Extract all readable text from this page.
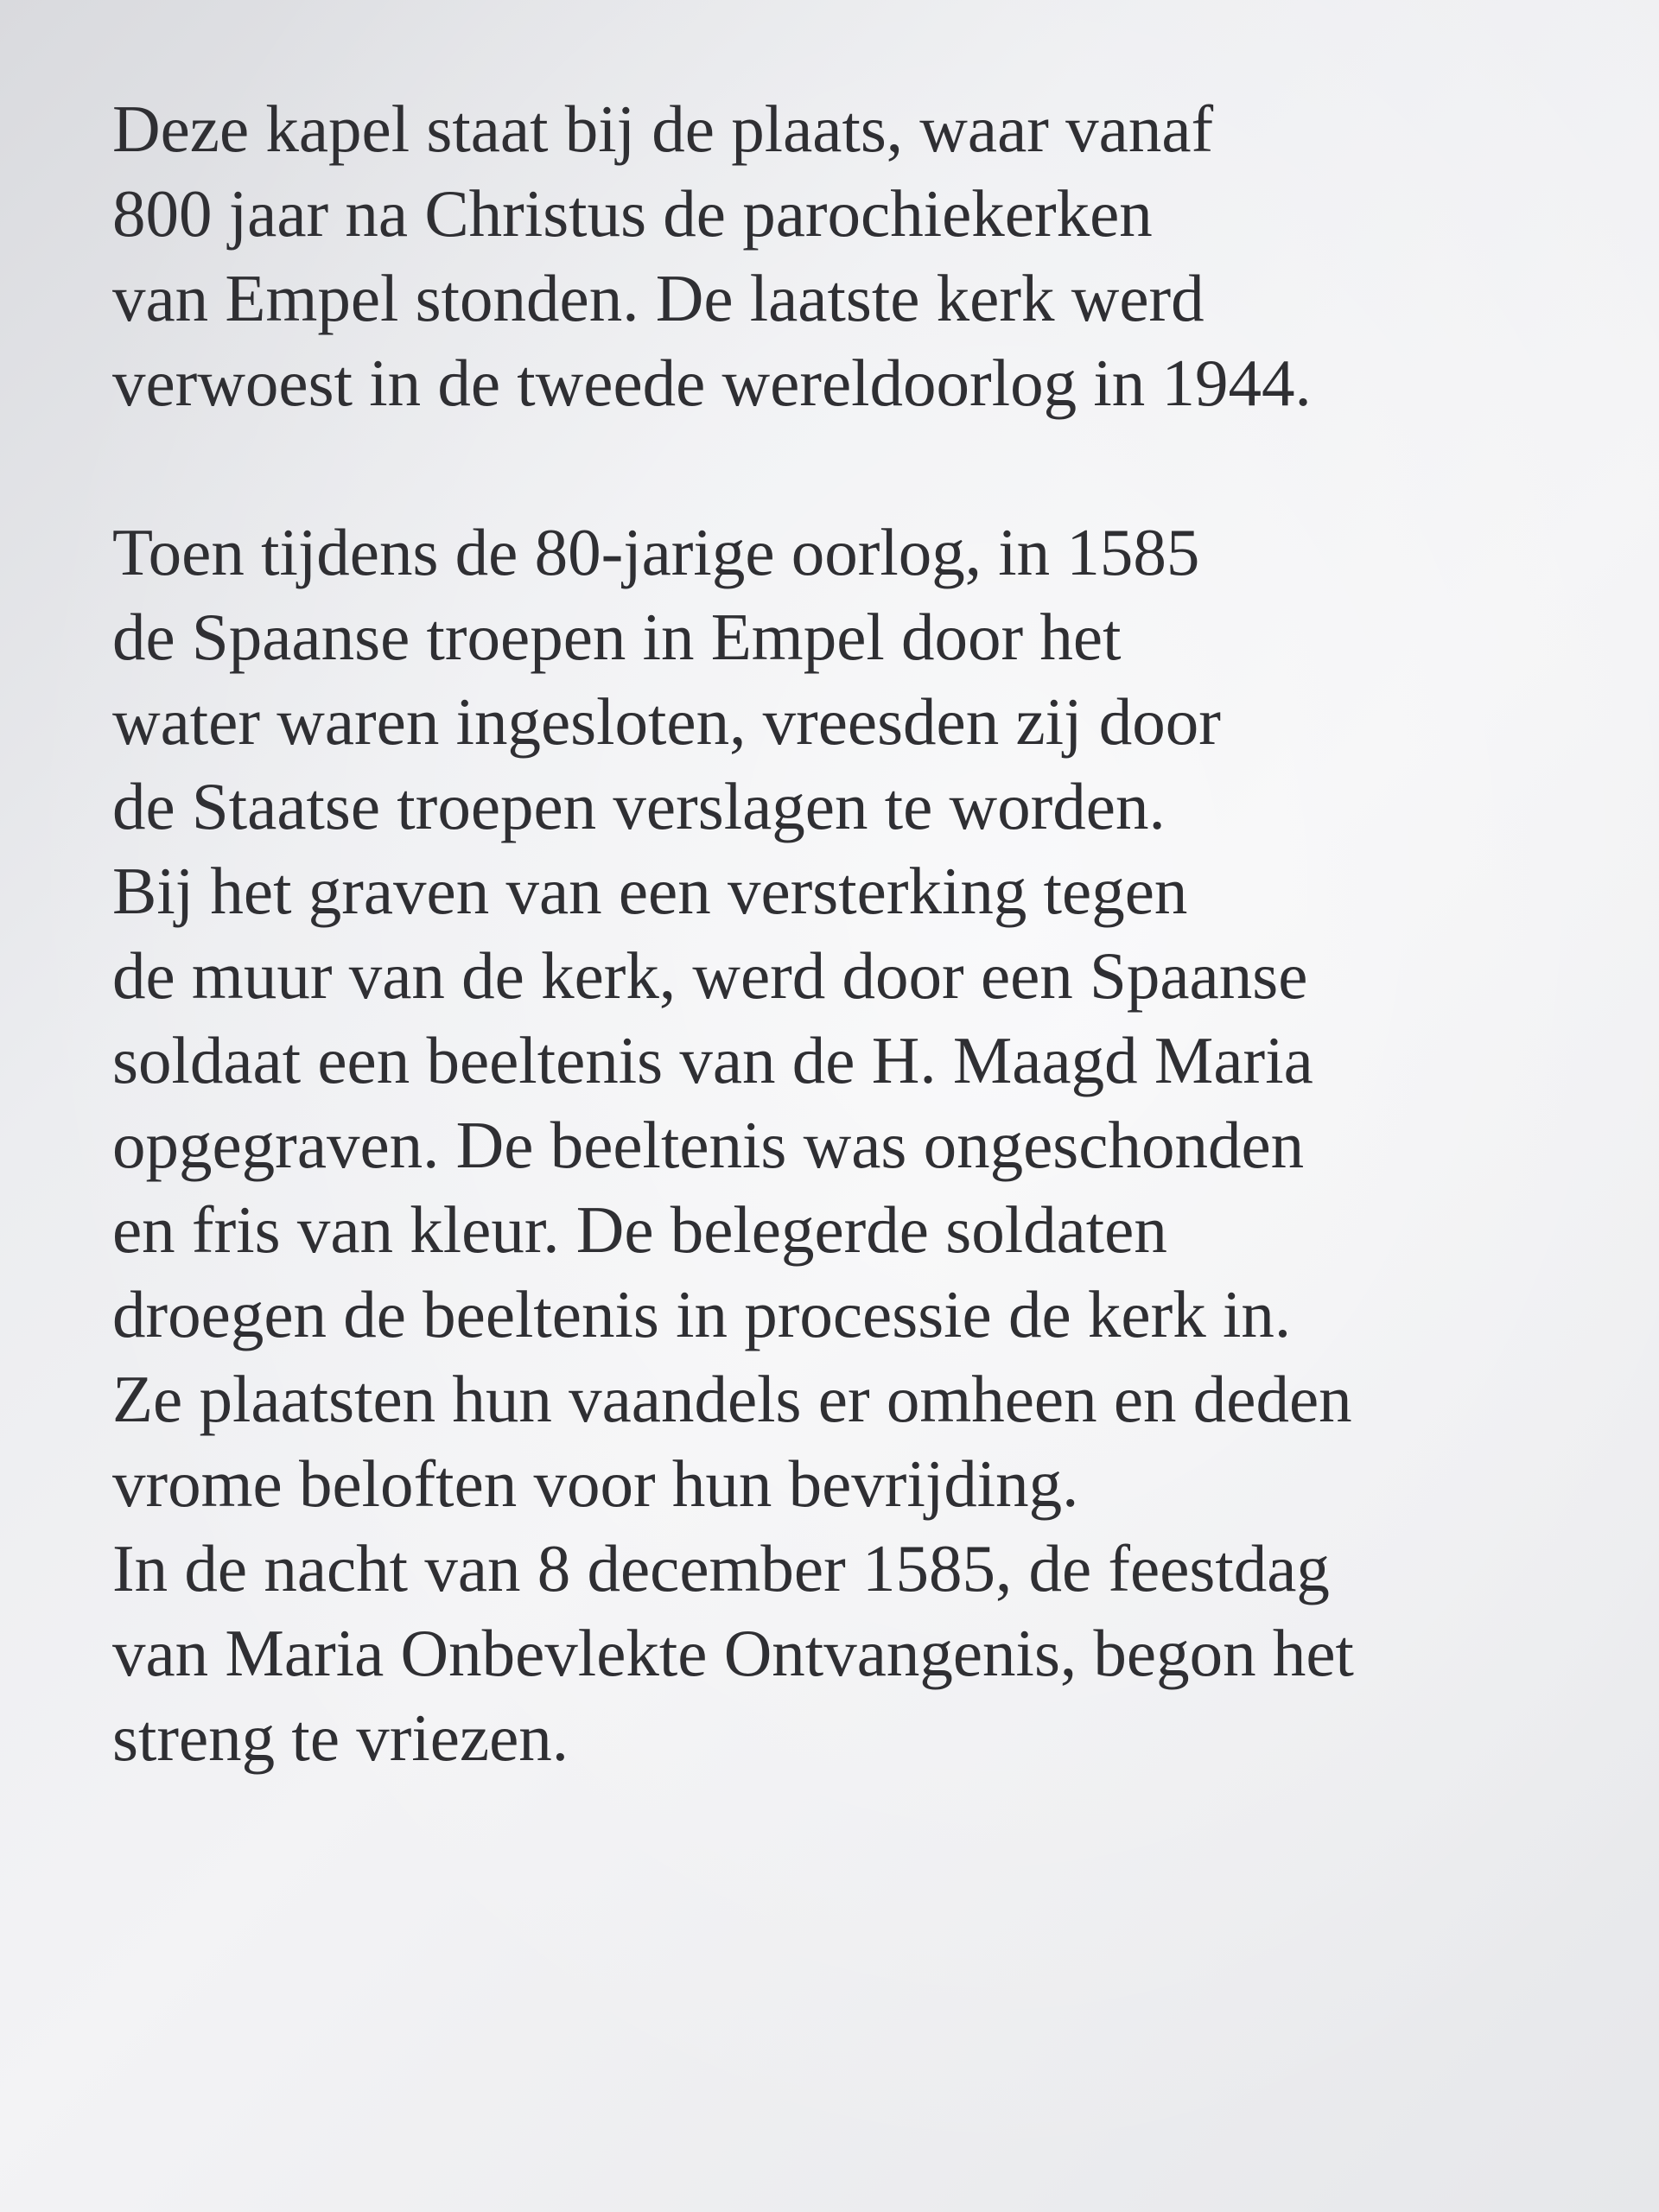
Deze kapel staat bij de plaats, waar vanaf
800 jaar na Christus de parochiekerken
van Empel stonden. De laatste kerk werd
verwoest in de tweede wereldoorlog in 1944.

Toen tijdens de 80-jarige oorlog, in 1585
de Spaanse troepen in Empel door het
water waren ingesloten, vreesden zij door
de Staatse troepen verslagen te worden.
Bij het graven van een versterking tegen
de muur van de kerk, werd door een Spaanse
soldaat een beeltenis van de H. Maagd Maria
opgegraven. De beeltenis was ongeschonden
en fris van kleur. De belegerde soldaten
droegen de beeltenis in processie de kerk in.
Ze plaatsten hun vaandels er omheen en deden
vrome beloften voor hun bevrijding.
In de nacht van 8 december 1585, de feestdag
van Maria Onbevlekte Ontvangenis, begon het
streng te vriezen.
